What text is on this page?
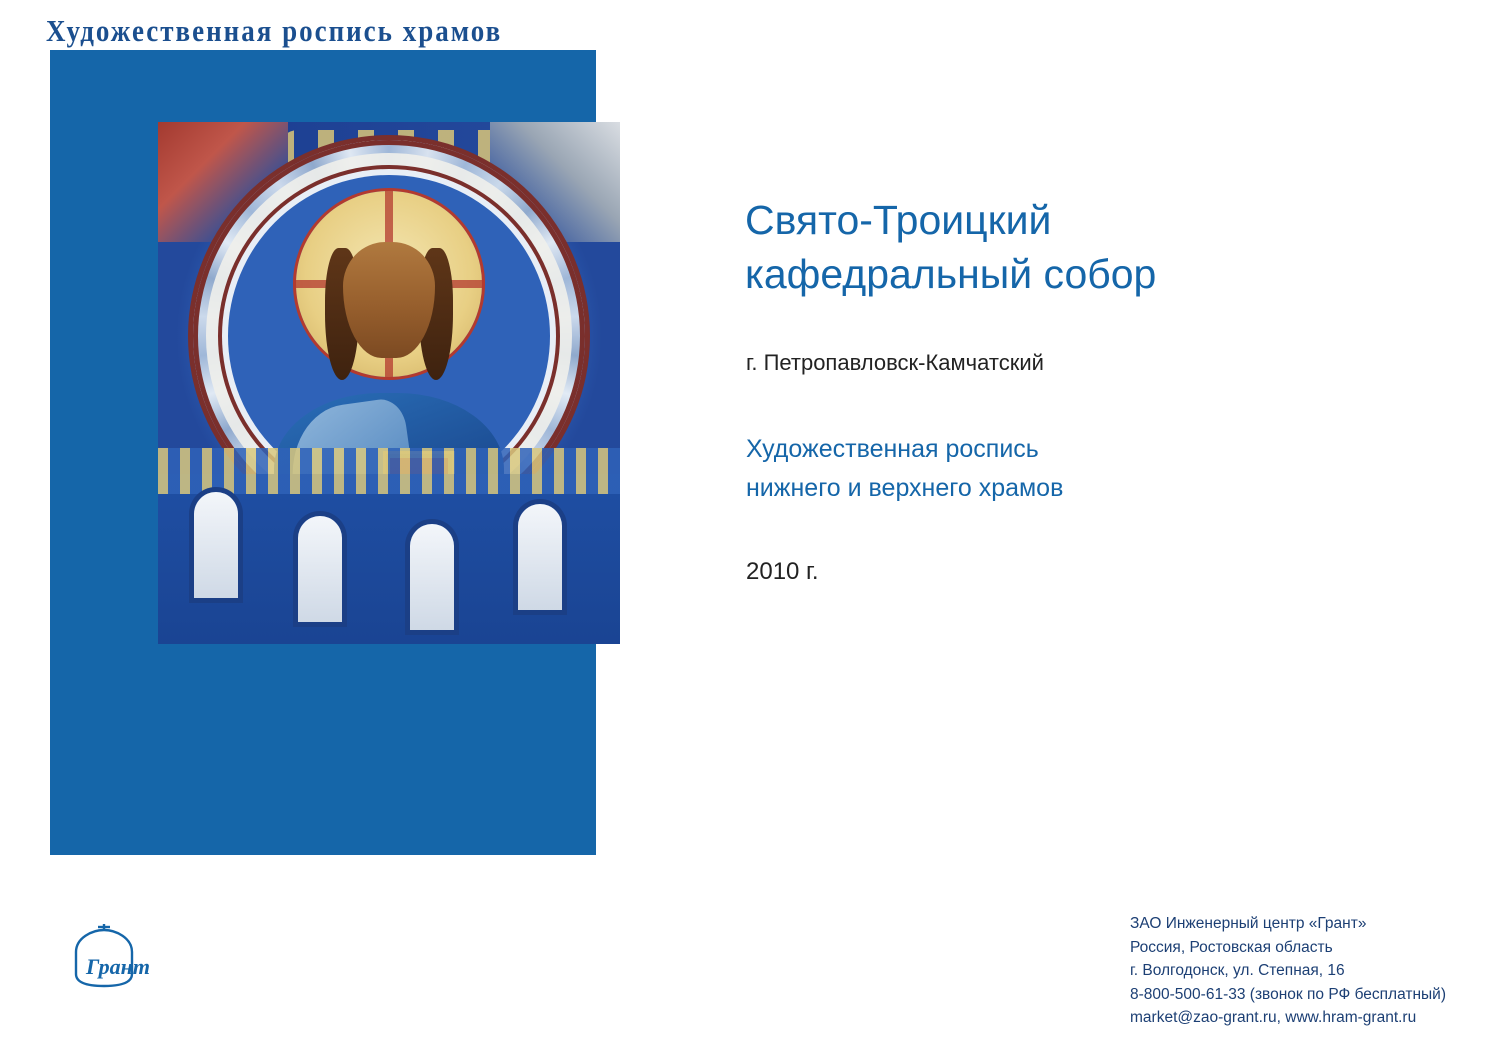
Художественная роспись храмов
Свято-Троицкий
кафедральный собор
г. Петропавловск-Камчатский
Художественная роспись
нижнего и верхнего храмов
2010 г.
ЗАО Инженерный центр «Грант»
Россия, Ростовская область
г. Волгодонск, ул. Степная, 16
8-800-500-61-33 (звонок по РФ бесплатный)
market@zao-grant.ru, www.hram-grant.ru
Грант
